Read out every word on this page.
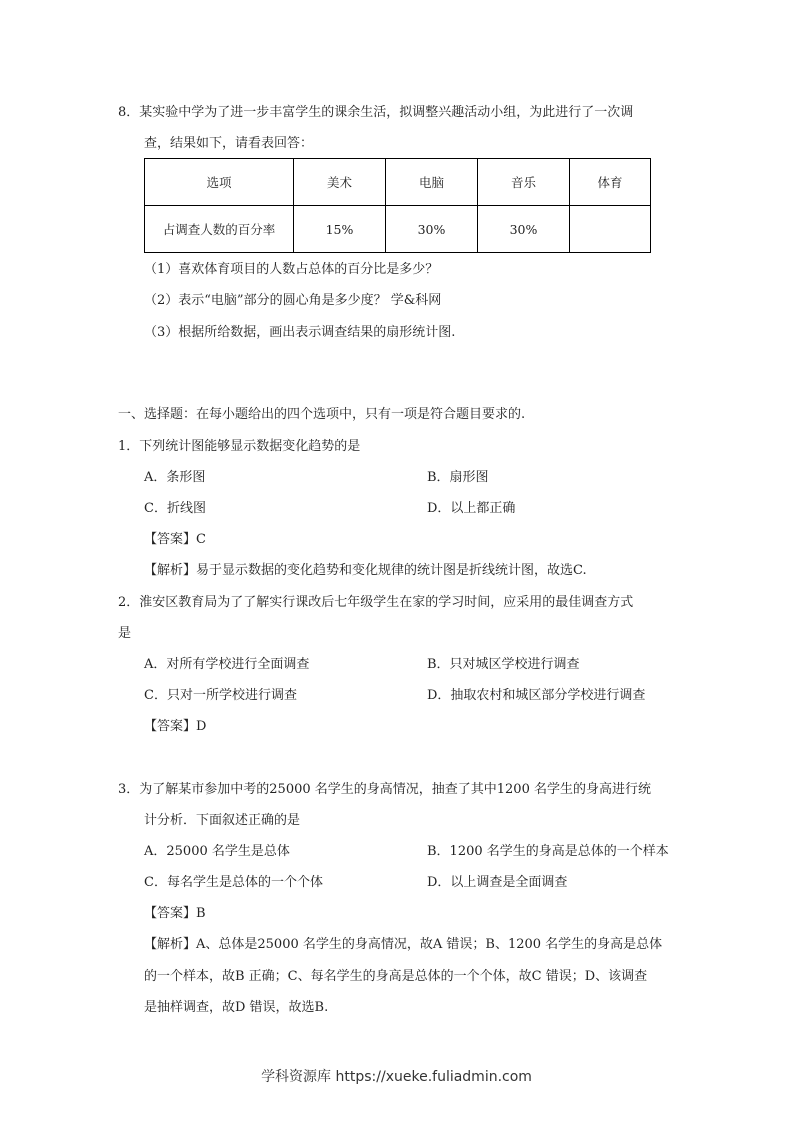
8．某实验中学为了进一步丰富学生的课余生活，拟调整兴趣活动小组，为此进行了一次调
查，结果如下，请看表回答：
选项	美术	电脑	音乐	体育
占调查人数的百分率	15%	30%	30%	
（1）喜欢体育项目的人数占总体的百分比是多少？
（2）表示“电脑”部分的圆心角是多少度？ 学&科网
（3）根据所给数据，画出表示调查结果的扇形统计图.
一、选择题：在每小题给出的四个选项中，只有一项是符合题目要求的.
1．下列统计图能够显示数据变化趋势的是
A．条形图	B．扇形图
C．折线图	D．以上都正确
【答案】C
【解析】易于显示数据的变化趋势和变化规律的统计图是折线统计图，故选C.
2．淮安区教育局为了了解实行课改后七年级学生在家的学习时间，应采用的最佳调查方式
是
A．对所有学校进行全面调查	B．只对城区学校进行调查
C．只对一所学校进行调查	D．抽取农村和城区部分学校进行调查
【答案】D
3．为了解某市参加中考的25000 名学生的身高情况，抽查了其中1200 名学生的身高进行统
计分析．下面叙述正确的是
A．25000 名学生是总体	B．1200 名学生的身高是总体的一个样本
C．每名学生是总体的一个个体	D．以上调查是全面调查
【答案】B
【解析】A、总体是25000 名学生的身高情况，故A 错误；B、1200 名学生的身高是总体
的一个样本，故B 正确；C、每名学生的身高是总体的一个个体，故C 错误；D、该调查
是抽样调查，故D 错误，故选B.
学科资源库 https://xueke.fuliadmin.com
